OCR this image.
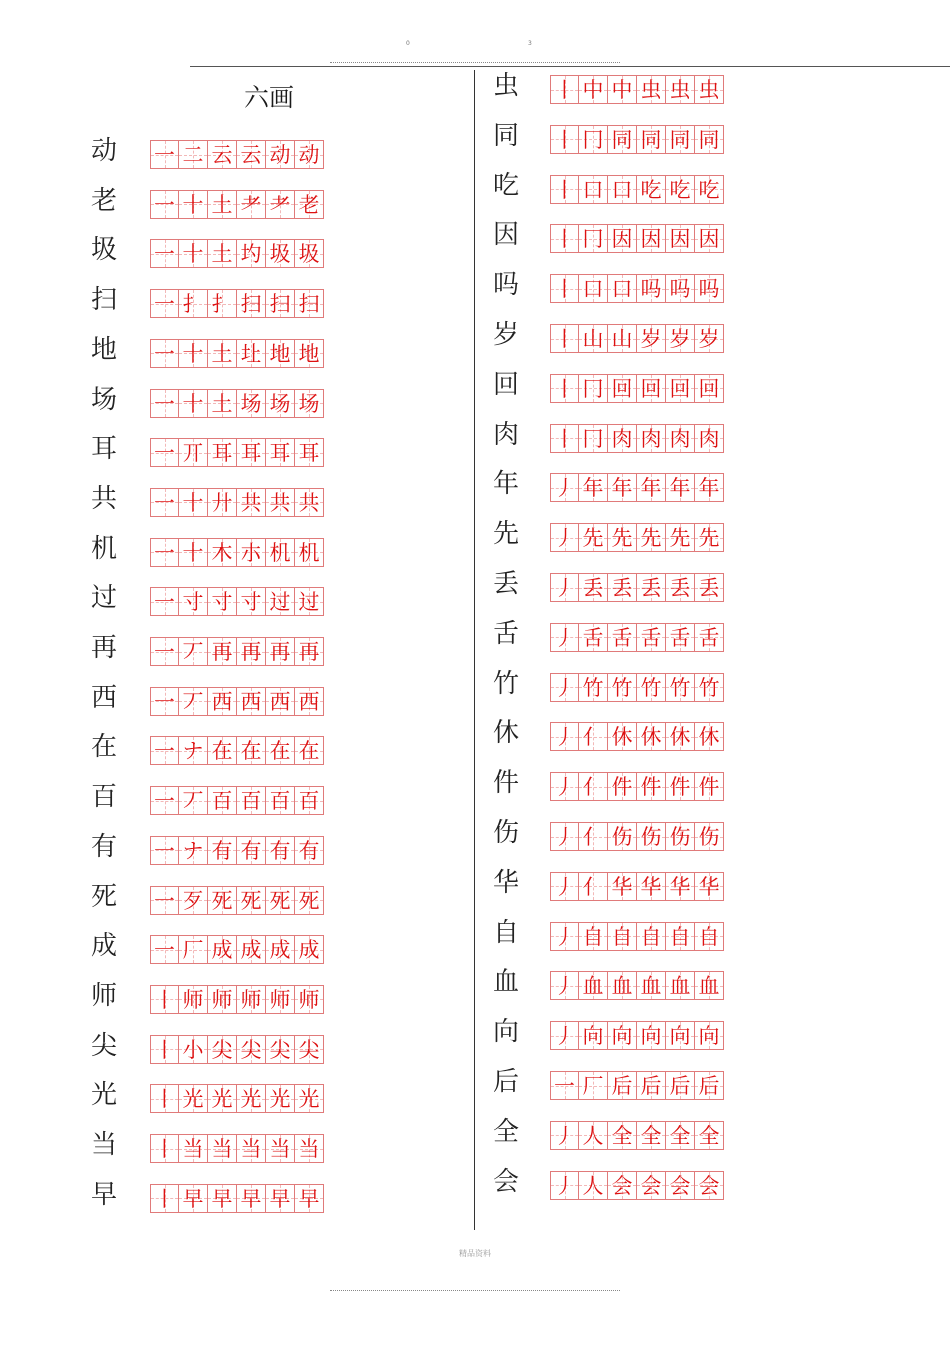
0	3
六画
动	一 二 云 云 动 动
老	一 十 土 耂 耂 老
圾	一 十 土 圴 圾 圾
扫	一 扌 扌 扫 扫 扫
地	一 十 土 圵 地 地
场	一 十 土 场 场 场
耳	一 丌 耳 耳 耳 耳
共	一 十 廾 共 共 共
机	一 十 木 朩 机 机
过	一 寸 寸 寸 过 过
再	一 丆 再 再 再 再
西	一 丆 西 西 西 西
在	一 ナ 在 在 在 在
百	一 丆 百 百 百 百
有	一 ナ 有 有 有 有
死	一 歹 死 死 死 死
成	一 厂 成 成 成 成
师	丨 师 师 师 师 师
尖	丨 小 尖 尖 尖 尖
光	丨 光 光 光 光 光
当	丨 当 当 当 当 当
早	丨 早 早 早 早 早
虫	丨 中 中 虫 虫 虫
同	丨 冂 同 同 同 同
吃	丨 口 口 吃 吃 吃
因	丨 冂 因 因 因 因
吗	丨 口 口 吗 吗 吗
岁	丨 山 山 岁 岁 岁
回	丨 冂 回 回 回 回
肉	丨 冂 肉 肉 肉 肉
年	丿 年 年 年 年 年
先	丿 先 先 先 先 先
丢	丿 丢 丢 丢 丢 丢
舌	丿 舌 舌 舌 舌 舌
竹	丿 竹 竹 竹 竹 竹
休	丿 亻 休 休 休 休
件	丿 亻 件 件 件 件
伤	丿 亻 伤 伤 伤 伤
华	丿 亻 华 华 华 华
自	丿 自 自 自 自 自
血	丿 血 血 血 血 血
向	丿 向 向 向 向 向
后	一 厂 后 后 后 后
全	丿 人 全 全 全 全
会	丿 人 会 会 会 会
精品资料
